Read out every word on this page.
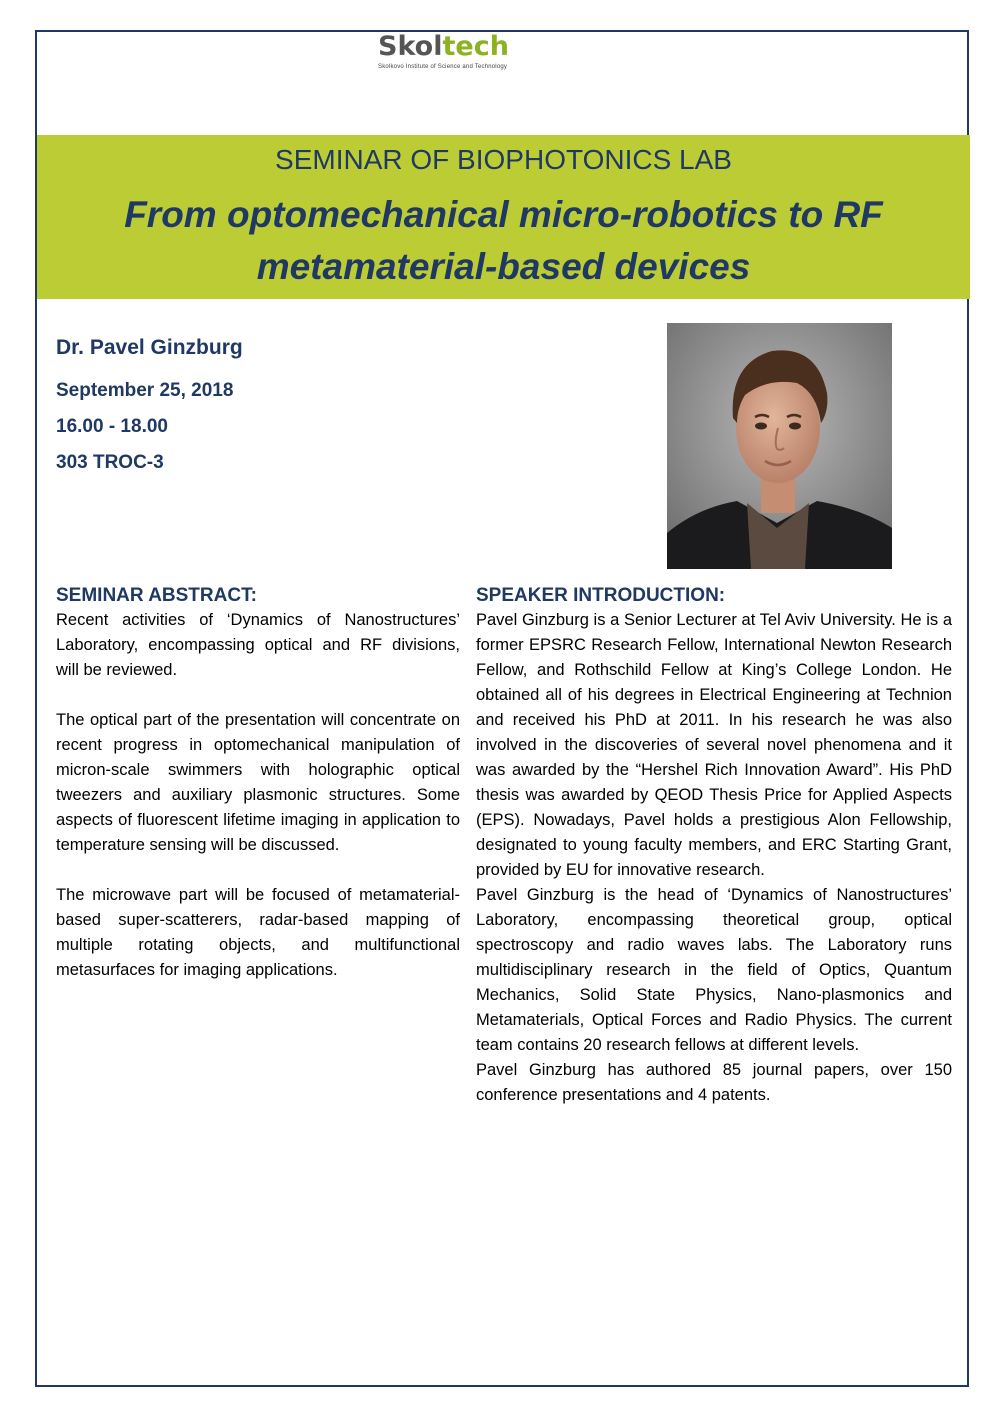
Skoltech
Skolkovo Institute of Science and Technology
SEMINAR OF BIOPHOTONICS LAB
From optomechanical micro-robotics to RF metamaterial-based devices
Dr. Pavel Ginzburg
September 25, 2018
16.00 - 18.00
303 TROC-3
SEMINAR ABSTRACT:

Recent activities of ‘Dynamics of Nanostructures’ Laboratory, encompassing optical and RF divisions, will be reviewed.

The optical part of the presentation will concentrate on recent progress in optomechanical manipulation of micron-scale swimmers with holographic optical tweezers and auxiliary plasmonic structures. Some aspects of fluorescent lifetime imaging in application to temperature sensing will be discussed.

The microwave part will be focused of metamaterial-based super-scatterers, radar-based mapping of multiple rotating objects, and multifunctional metasurfaces for imaging applications.

SPEAKER INTRODUCTION:

Pavel Ginzburg is a Senior Lecturer at Tel Aviv University. He is a former EPSRC Research Fellow, International Newton Research Fellow, and Rothschild Fellow at King’s College London. He obtained all of his degrees in Electrical Engineering at Technion and received his PhD at 2011. In his research he was also involved in the discoveries of several novel phenomena and it was awarded by the “Hershel Rich Innovation Award”. His PhD thesis was awarded by QEOD Thesis Price for Applied Aspects (EPS). Nowadays, Pavel holds a prestigious Alon Fellowship, designated to young faculty members, and ERC Starting Grant, provided by EU for innovative research.

Pavel Ginzburg is the head of ‘Dynamics of Nanostructures’ Laboratory, encompassing theoretical group, optical spectroscopy and radio waves labs. The Laboratory runs multidisciplinary research in the field of Optics, Quantum Mechanics, Solid State Physics, Nano-plasmonics and Metamaterials, Optical Forces and Radio Physics. The current team contains 20 research fellows at different levels.

Pavel Ginzburg has authored 85 journal papers, over 150 conference presentations and 4 patents.
